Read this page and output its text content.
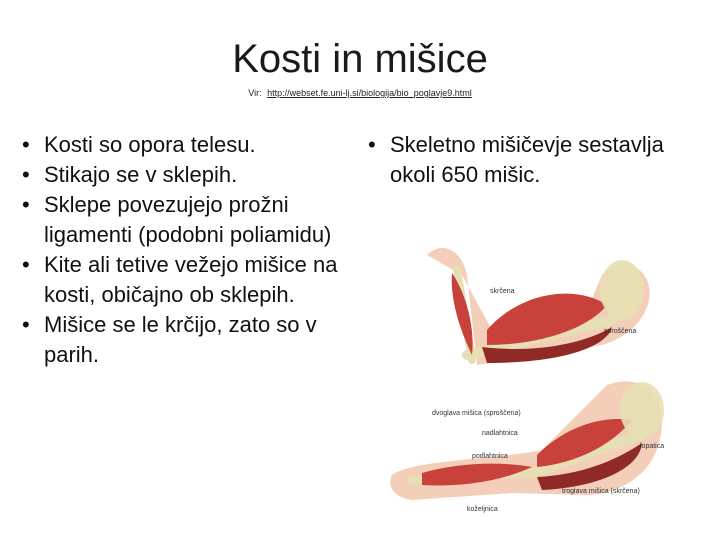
Kosti in mišice
Vir: http://webset.fe.uni-lj.si/biologija/bio_poglavje9.html
• Kosti so opora telesu.
• Stikajo se v sklepih.
• Sklepe povezujejo prožni ligamenti (podobni poliamidu)
• Kite ali tetive vežejo mišice na kosti, običajno ob sklepih.
• Mišice se le krčijo, zato so v parih.
• Skeletno mišičevje sestavlja okoli 650 mišic.
skrčena
sproščena
dvoglava mišica (sproščena)
nadlahtnica
podlahtnica
lopatica
troglava mišica (skrčena)
koželjnica
